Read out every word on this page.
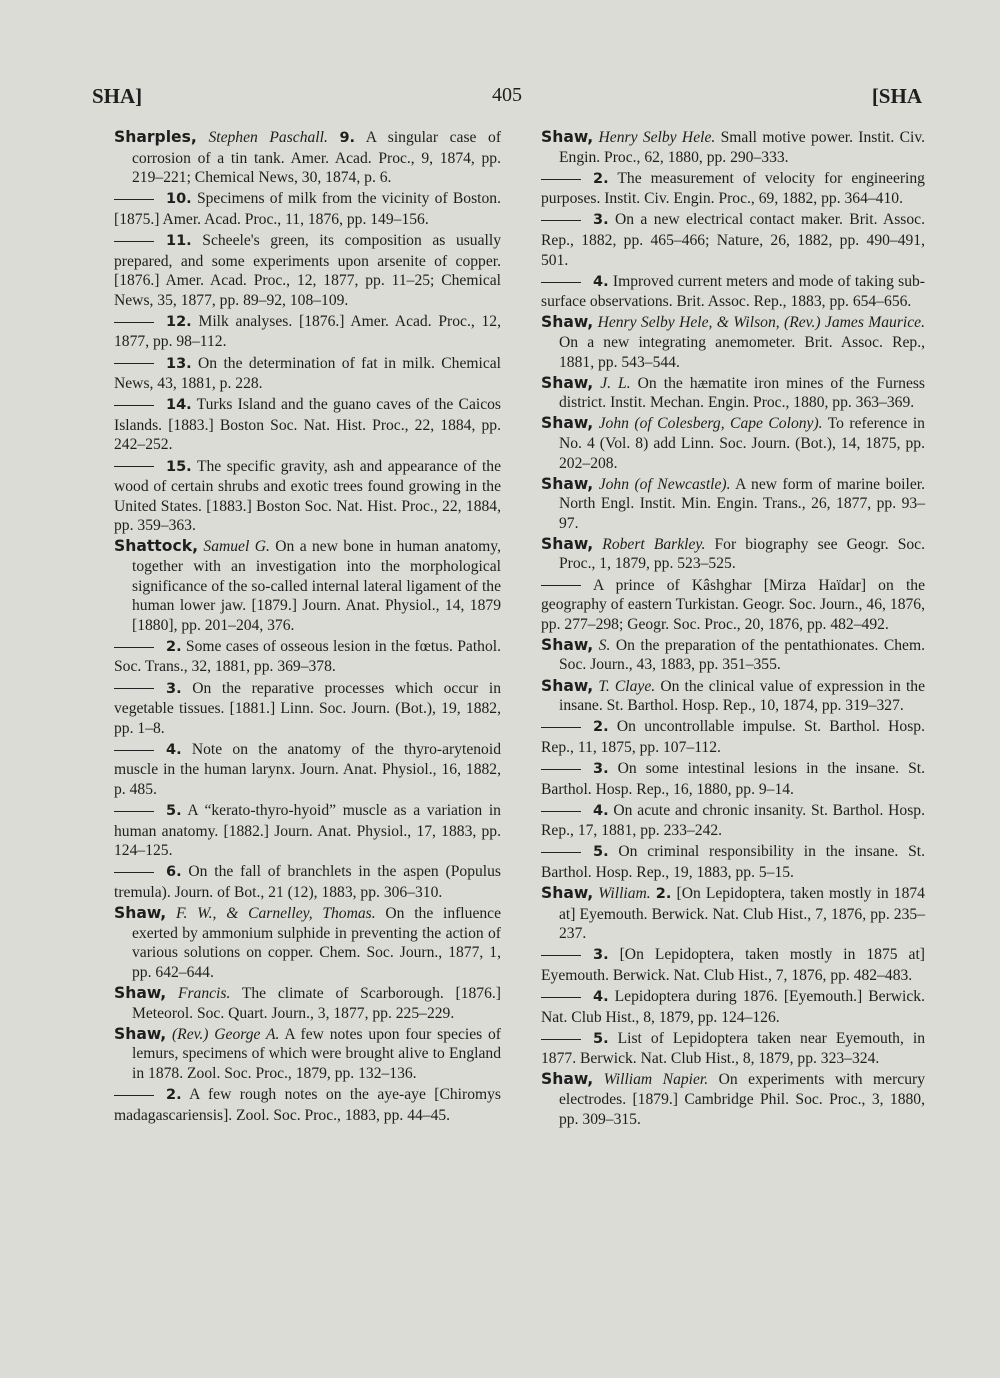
SHA]	405	[SHA

Sharples, Stephen Paschall. 9. A singular case of corrosion of a tin tank. Amer. Acad. Proc., 9, 1874, pp. 219–221; Chemical News, 30, 1874, p. 6.

10. Specimens of milk from the vicinity of Boston. [1875.] Amer. Acad. Proc., 11, 1876, pp. 149–156.

11. Scheele's green, its composition as usually prepared, and some experiments upon arsenite of copper. [1876.] Amer. Acad. Proc., 12, 1877, pp. 11–25; Chemical News, 35, 1877, pp. 89–92, 108–109.

12. Milk analyses. [1876.] Amer. Acad. Proc., 12, 1877, pp. 98–112.

13. On the determination of fat in milk. Chemical News, 43, 1881, p. 228.

14. Turks Island and the guano caves of the Caicos Islands. [1883.] Boston Soc. Nat. Hist. Proc., 22, 1884, pp. 242–252.

15. The specific gravity, ash and appearance of the wood of certain shrubs and exotic trees found growing in the United States. [1883.] Boston Soc. Nat. Hist. Proc., 22, 1884, pp. 359–363.

Shattock, Samuel G. On a new bone in human anatomy, together with an investigation into the morphological significance of the so-called internal lateral ligament of the human lower jaw. [1879.] Journ. Anat. Physiol., 14, 1879 [1880], pp. 201–204, 376.

2. Some cases of osseous lesion in the fœtus. Pathol. Soc. Trans., 32, 1881, pp. 369–378.

3. On the reparative processes which occur in vegetable tissues. [1881.] Linn. Soc. Journ. (Bot.), 19, 1882, pp. 1–8.

4. Note on the anatomy of the thyro-arytenoid muscle in the human larynx. Journ. Anat. Physiol., 16, 1882, p. 485.

5. A “kerato-thyro-hyoid” muscle as a variation in human anatomy. [1882.] Journ. Anat. Physiol., 17, 1883, pp. 124–125.

6. On the fall of branchlets in the aspen (Populus tremula). Journ. of Bot., 21 (12), 1883, pp. 306–310.

Shaw, F. W., & Carnelley, Thomas. On the influence exerted by ammonium sulphide in preventing the action of various solutions on copper. Chem. Soc. Journ., 1877, 1, pp. 642–644.

Shaw, Francis. The climate of Scarborough. [1876.] Meteorol. Soc. Quart. Journ., 3, 1877, pp. 225–229.

Shaw, (Rev.) George A. A few notes upon four species of lemurs, specimens of which were brought alive to England in 1878. Zool. Soc. Proc., 1879, pp. 132–136.

2. A few rough notes on the aye-aye [Chiromys madagascariensis]. Zool. Soc. Proc., 1883, pp. 44–45.

Shaw, Henry Selby Hele. Small motive power. Instit. Civ. Engin. Proc., 62, 1880, pp. 290–333.

2. The measurement of velocity for engineering purposes. Instit. Civ. Engin. Proc., 69, 1882, pp. 364–410.

3. On a new electrical contact maker. Brit. Assoc. Rep., 1882, pp. 465–466; Nature, 26, 1882, pp. 490–491, 501.

4. Improved current meters and mode of taking sub-surface observations. Brit. Assoc. Rep., 1883, pp. 654–656.

Shaw, Henry Selby Hele, & Wilson, (Rev.) James Maurice. On a new integrating anemometer. Brit. Assoc. Rep., 1881, pp. 543–544.

Shaw, J. L. On the hæmatite iron mines of the Furness district. Instit. Mechan. Engin. Proc., 1880, pp. 363–369.

Shaw, John (of Colesberg, Cape Colony). To reference in No. 4 (Vol. 8) add Linn. Soc. Journ. (Bot.), 14, 1875, pp. 202–208.

Shaw, John (of Newcastle). A new form of marine boiler. North Engl. Instit. Min. Engin. Trans., 26, 1877, pp. 93–97.

Shaw, Robert Barkley. For biography see Geogr. Soc. Proc., 1, 1879, pp. 523–525.

A prince of Kâshghar [Mirza Haïdar] on the geography of eastern Turkistan. Geogr. Soc. Journ., 46, 1876, pp. 277–298; Geogr. Soc. Proc., 20, 1876, pp. 482–492.

Shaw, S. On the preparation of the pentathionates. Chem. Soc. Journ., 43, 1883, pp. 351–355.

Shaw, T. Claye. On the clinical value of expression in the insane. St. Barthol. Hosp. Rep., 10, 1874, pp. 319–327.

2. On uncontrollable impulse. St. Barthol. Hosp. Rep., 11, 1875, pp. 107–112.

3. On some intestinal lesions in the insane. St. Barthol. Hosp. Rep., 16, 1880, pp. 9–14.

4. On acute and chronic insanity. St. Barthol. Hosp. Rep., 17, 1881, pp. 233–242.

5. On criminal responsibility in the insane. St. Barthol. Hosp. Rep., 19, 1883, pp. 5–15.

Shaw, William. 2. [On Lepidoptera, taken mostly in 1874 at] Eyemouth. Berwick. Nat. Club Hist., 7, 1876, pp. 235–237.

3. [On Lepidoptera, taken mostly in 1875 at] Eyemouth. Berwick. Nat. Club Hist., 7, 1876, pp. 482–483.

4. Lepidoptera during 1876. [Eyemouth.] Berwick. Nat. Club Hist., 8, 1879, pp. 124–126.

5. List of Lepidoptera taken near Eyemouth, in 1877. Berwick. Nat. Club Hist., 8, 1879, pp. 323–324.

Shaw, William Napier. On experiments with mercury electrodes. [1879.] Cambridge Phil. Soc. Proc., 3, 1880, pp. 309–315.
